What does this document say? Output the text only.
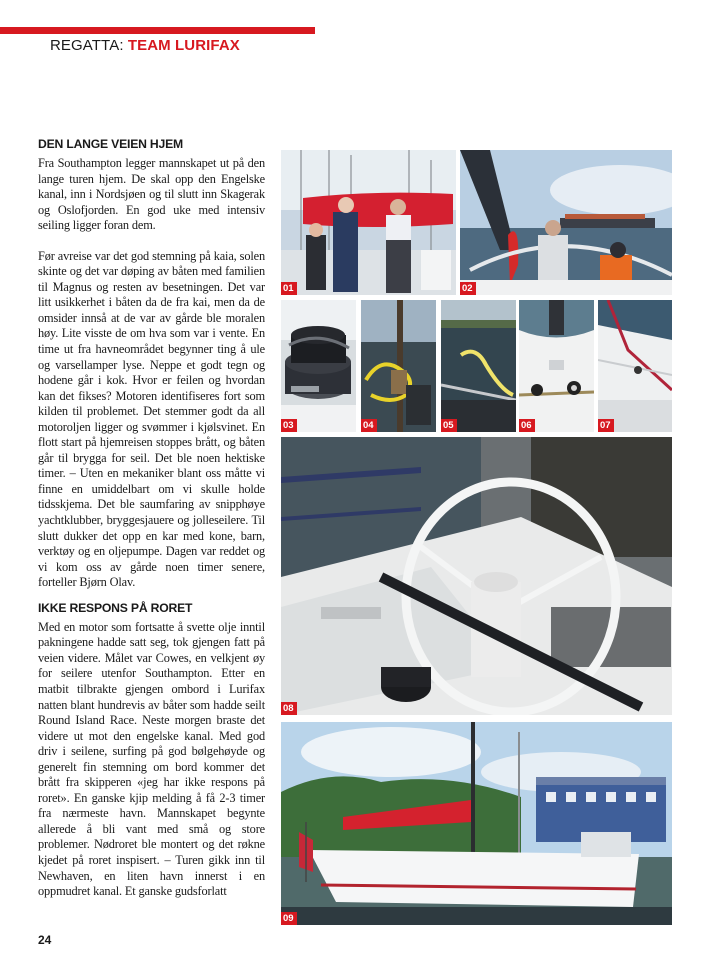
REGATTA: TEAM LURIFAX
DEN LANGE VEIEN HJEM

Fra Southampton legger mannskapet ut på den lange turen hjem. De skal opp den Engelske kanal, inn i Nordsjøen og til slutt inn Skagerak og Oslofjorden. En god uke med intensiv seiling ligger foran dem.

Før avreise var det god stemning på kaia, solen skinte og det var døping av båten med familien til Magnus og resten av besetningen. Det var litt usikkerhet i båten da de fra kai, men da de omsider innså at de var av gårde ble moralen høy. Lite visste de om hva som var i vente. En time ut fra havneområdet begynner ting å ule og varsellamper lyse. Neppe et godt tegn og hodene går i kok. Hvor er feilen og hvordan kan det fikses? Motoren identifiseres fort som kilden til problemet. Det stemmer godt da all motoroljen ligger og svømmer i kjølsvinet. En flott start på hjemreisen stoppes brått, og båten går til brygga for seil. Det ble noen hektiske timer. – Uten en mekaniker blant oss måtte vi finne en umiddelbart om vi skulle holde tidsskjema. Det ble saumfaring av snipphøye yachtklubber, bryggesjauere og jolleseilere. Til slutt dukker det opp en kar med kone, barn, verktøy og en oljepumpe. Dagen var reddet og vi kom oss av gårde noen timer senere, forteller Bjørn Olav.

IKKE RESPONS PÅ RORET

Med en motor som fortsatte å svette olje inntil pakningene hadde satt seg, tok gjengen fatt på veien videre. Målet var Cowes, en velkjent øy for seilere utenfor Southampton. Etter en matbit tilbrakte gjengen ombord i Lurifax natten blant hundrevis av båter som hadde seilt Round Island Race. Neste morgen braste det videre ut mot den engelske kanal. Med god driv i seilene, surfing på god bølgehøyde og generelt fin stemning om bord kommer det brått fra skipperen «jeg har ikke respons på roret». En ganske kjip melding å få 2-3 timer fra nærmeste havn. Mannskapet begynte allerede å bli vant med små og store problemer. Nødroret ble montert og det røkne kjedet på roret inspisert. – Turen gikk inn til Newhaven, en liten havn innerst i en oppmudret kanal. Et ganske gudsforlatt

01	02
03	04	05	06	07
08
09
24
